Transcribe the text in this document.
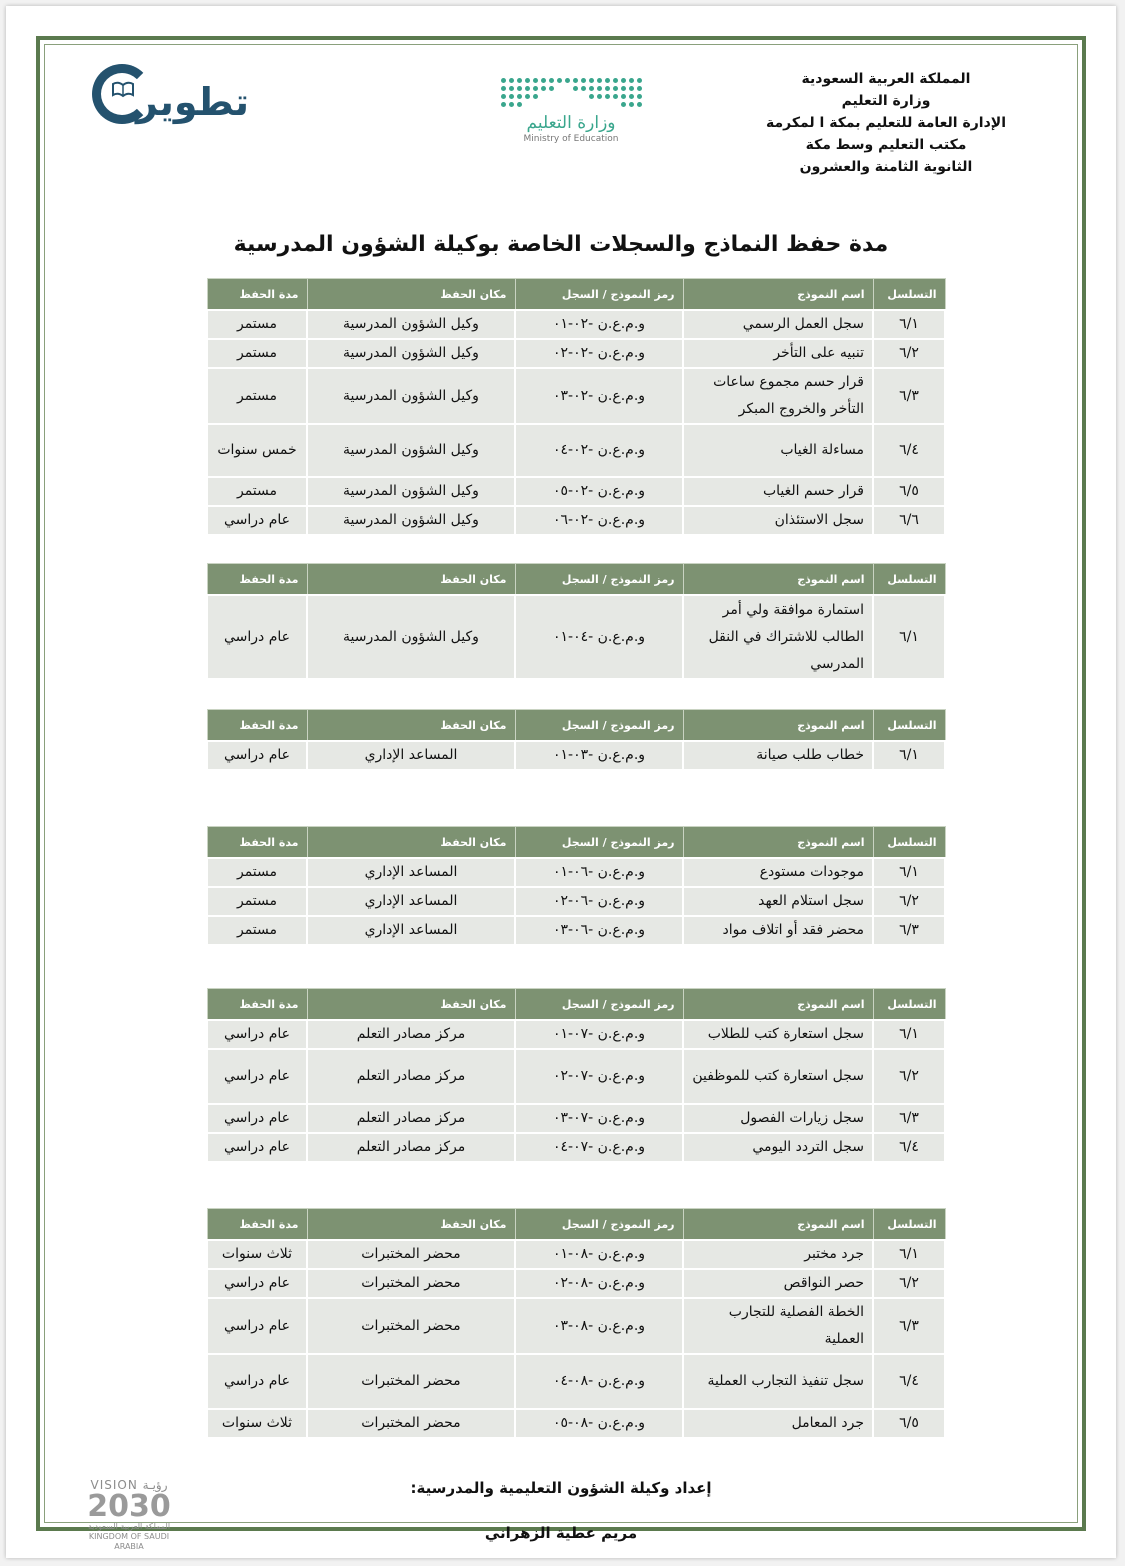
المملكة العربية السعودية
وزارة التعليم
الإدارة العامة للتعليم بمكة ا لمكرمة
مكتب التعليم وسط مكة
الثانوية الثامنة والعشرون
وزارة التعليم
Ministry of Education
تطوير
مدة حفظ النماذج والسجلات الخاصة بوكيلة الشؤون المدرسية
التسلسل	اسم النموذج	رمز النموذج / السجل	مكان الحفظ	مدة الحفظ
٦/١	سجل العمل الرسمي	و.م.ع.ن -٠٢-٠١	وكيل الشؤون المدرسية	مستمر
٦/٢	تنبيه على التأخر	و.م.ع.ن -٠٢-٠٢	وكيل الشؤون المدرسية	مستمر
٦/٣	قرار حسم مجموع ساعات التأخر والخروج المبكر	و.م.ع.ن -٠٢-٠٣	وكيل الشؤون المدرسية	مستمر
٦/٤	مساءلة الغياب	و.م.ع.ن -٠٢-٠٤	وكيل الشؤون المدرسية	خمس سنوات
٦/٥	قرار حسم الغياب	و.م.ع.ن -٠٢-٠٥	وكيل الشؤون المدرسية	مستمر
٦/٦	سجل الاستئذان	و.م.ع.ن -٠٢-٠٦	وكيل الشؤون المدرسية	عام دراسي
التسلسل	اسم النموذج	رمز النموذج / السجل	مكان الحفظ	مدة الحفظ
٦/١	استمارة موافقة ولي أمر الطالب للاشتراك في النقل المدرسي	و.م.ع.ن -٠٤-٠١	وكيل الشؤون المدرسية	عام دراسي
التسلسل	اسم النموذج	رمز النموذج / السجل	مكان الحفظ	مدة الحفظ
٦/١	خطاب طلب صيانة	و.م.ع.ن -٠٣-٠١	المساعد الإداري	عام دراسي
التسلسل	اسم النموذج	رمز النموذج / السجل	مكان الحفظ	مدة الحفظ
٦/١	موجودات مستودع	و.م.ع.ن -٠٦-٠١	المساعد الإداري	مستمر
٦/٢	سجل استلام العهد	و.م.ع.ن -٠٦-٠٢	المساعد الإداري	مستمر
٦/٣	محضر فقد أو اتلاف مواد	و.م.ع.ن -٠٦-٠٣	المساعد الإداري	مستمر
التسلسل	اسم النموذج	رمز النموذج / السجل	مكان الحفظ	مدة الحفظ
٦/١	سجل استعارة كتب للطلاب	و.م.ع.ن -٠٧-٠١	مركز مصادر التعلم	عام دراسي
٦/٢	سجل استعارة كتب للموظفين	و.م.ع.ن -٠٧-٠٢	مركز مصادر التعلم	عام دراسي
٦/٣	سجل زيارات الفصول	و.م.ع.ن -٠٧-٠٣	مركز مصادر التعلم	عام دراسي
٦/٤	سجل التردد اليومي	و.م.ع.ن -٠٧-٠٤	مركز مصادر التعلم	عام دراسي
التسلسل	اسم النموذج	رمز النموذج / السجل	مكان الحفظ	مدة الحفظ
٦/١	جرد مختبر	و.م.ع.ن -٠٨-٠١	محضر المختبرات	ثلاث سنوات
٦/٢	حصر النواقص	و.م.ع.ن -٠٨-٠٢	محضر المختبرات	عام دراسي
٦/٣	الخطة الفصلية للتجارب العملية	و.م.ع.ن -٠٨-٠٣	محضر المختبرات	عام دراسي
٦/٤	سجل تنفيذ التجارب العملية	و.م.ع.ن -٠٨-٠٤	محضر المختبرات	عام دراسي
٦/٥	جرد المعامل	و.م.ع.ن -٠٨-٠٥	محضر المختبرات	ثلاث سنوات
إعداد وكيلة الشؤون التعليمية والمدرسية:
مريم عطية الزهراني
VISION رؤيـة
2030
المملكة العربية السعودية
KINGDOM OF SAUDI ARABIA
